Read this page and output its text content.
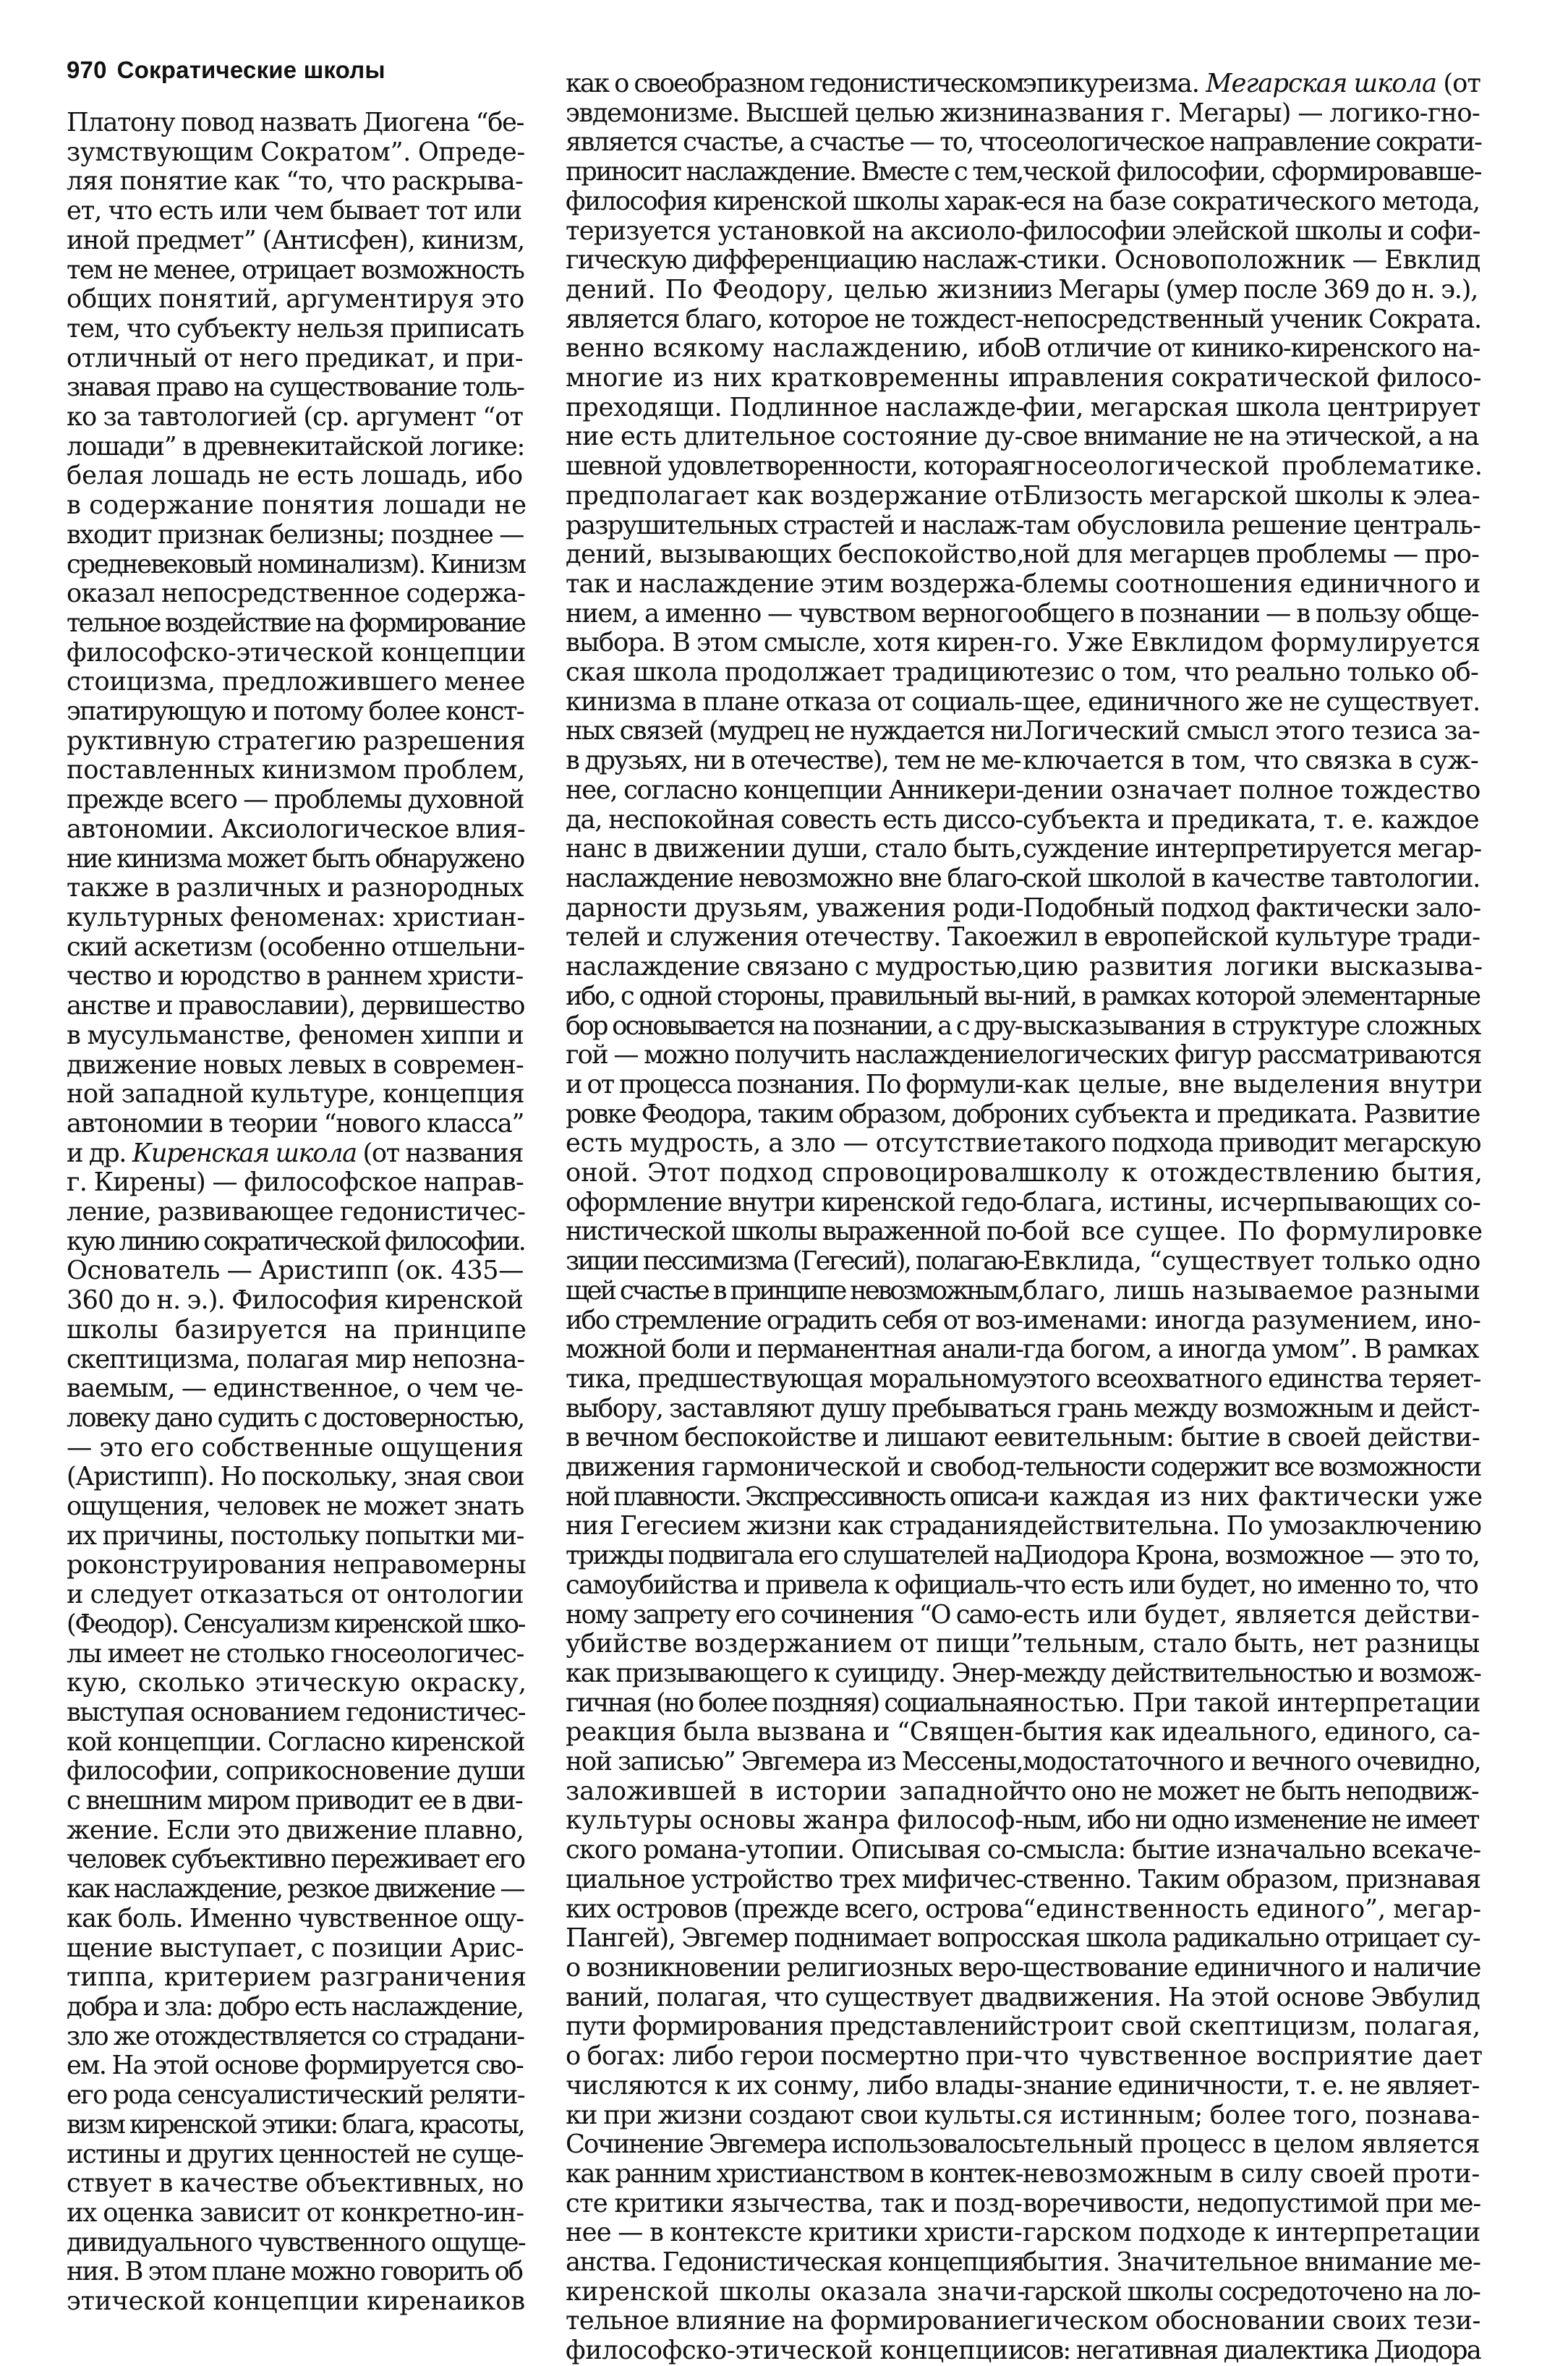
970 Сократические школы
Платону повод назвать Диогена “бе-
зумствующим Сократом”. Опреде-
ляя понятие как “то, что раскрыва-
ет, что есть или чем бывает тот или
иной предмет” (Антисфен), кинизм,
тем не менее, отрицает возможность
общих понятий, аргументируя это
тем, что субъекту нельзя приписать
отличный от него предикат, и при-
знавая право на существование толь-
ко за тавтологией (ср. аргумент “от
лошади” в древнекитайской логике:
белая лошадь не есть лошадь, ибо
в содержание понятия лошади не
входит признак белизны; позднее —
средневековый номинализм). Кинизм
оказал непосредственное содержа-
тельное воздействие на формирование
философско-этической концепции
стоицизма, предложившего менее
эпатирующую и потому более конст-
руктивную стратегию разрешения
поставленных кинизмом проблем,
прежде всего — проблемы духовной
автономии. Аксиологическое влия-
ние кинизма может быть обнаружено
также в различных и разнородных
культурных феноменах: христиан-
ский аскетизм (особенно отшельни-
чество и юродство в раннем христи-
анстве и православии), дервишество
в мусульманстве, феномен хиппи и
движение новых левых в современ-
ной западной культуре, концепция
автономии в теории “нового класса”
и др. Киренская школа (от названия
г. Кирены) — философское направ-
ление, развивающее гедонистичес-
кую линию сократической философии.
Основатель — Аристипп (ок. 435—
360 до н. э.). Философия киренской
школы базируется на принципе
скептицизма, полагая мир непозна-
ваемым, — единственное, о чем че-
ловеку дано судить с достоверностью,
— это его собственные ощущения
(Аристипп). Но поскольку, зная свои
ощущения, человек не может знать
их причины, постольку попытки ми-
роконструирования неправомерны
и следует отказаться от онтологии
(Феодор). Сенсуализм киренской шко-
лы имеет не столько гносеологичес-
кую, сколько этическую окраску,
выступая основанием гедонистичес-
кой концепции. Согласно киренской
философии, соприкосновение души
с внешним миром приводит ее в дви-
жение. Если это движение плавно,
человек субъективно переживает его
как наслаждение, резкое движение —
как боль. Именно чувственное ощу-
щение выступает, с позиции Арис-
типпа, критерием разграничения
добра и зла: добро есть наслаждение,
зло же отождествляется со страдани-
ем. На этой основе формируется сво-
его рода сенсуалистический реляти-
визм киренской этики: блага, красоты,
истины и других ценностей не суще-
ствует в качестве объективных, но
их оценка зависит от конкретно-ин-
дивидуального чувственного ощуще-
ния. В этом плане можно говорить об
этической концепции киренаиков
как о своеобразном гедонистическом
эвдемонизме. Высшей целью жизни
является счастье, а счастье — то, что
приносит наслаждение. Вместе с тем,
философия киренской школы харак-
теризуется установкой на аксиоло-
гическую дифференциацию наслаж-
дений. По Феодору, целью жизни
является благо, которое не тождест-
венно всякому наслаждению, ибо
многие из них кратковременны и
преходящи. Подлинное наслажде-
ние есть длительное состояние ду-
шевной удовлетворенности, которая
предполагает как воздержание от
разрушительных страстей и наслаж-
дений, вызывающих беспокойство,
так и наслаждение этим воздержа-
нием, а именно — чувством верного
выбора. В этом смысле, хотя кирен-
ская школа продолжает традицию
кинизма в плане отказа от социаль-
ных связей (мудрец не нуждается ни
в друзьях, ни в отечестве), тем не ме-
нее, согласно концепции Анникери-
да, неспокойная совесть есть диссо-
нанс в движении души, стало быть,
наслаждение невозможно вне благо-
дарности друзьям, уважения роди-
телей и служения отечеству. Такое
наслаждение связано с мудростью,
ибо, с одной стороны, правильный вы-
бор основывается на познании, а с дру-
гой — можно получить наслаждение
и от процесса познания. По формули-
ровке Феодора, таким образом, добро
есть мудрость, а зло — отсутствие
оной. Этот подход спровоцировал
оформление внутри киренской гедо-
нистической школы выраженной по-
зиции пессимизма (Гегесий), полагаю-
щей счастье в принципе невозможным,
ибо стремление оградить себя от воз-
можной боли и перманентная анали-
тика, предшествующая моральному
выбору, заставляют душу пребывать
в вечном беспокойстве и лишают ее
движения гармонической и свобод-
ной плавности. Экспрессивность описа-
ния Гегесием жизни как страдания
трижды подвигала его слушателей на
самоубийства и привела к официаль-
ному запрету его сочинения “О само-
убийстве воздержанием от пищи”
как призывающего к суициду. Энер-
гичная (но более поздняя) социальная
реакция была вызвана и “Священ-
ной записью” Эвгемера из Мессены,
заложившей в истории западной
культуры основы жанра философ-
ского романа-утопии. Описывая со-
циальное устройство трех мифичес-
ких островов (прежде всего, острова
Пангей), Эвгемер поднимает вопрос
о возникновении религиозных веро-
ваний, полагая, что существует два
пути формирования представлений
о богах: либо герои посмертно при-
числяются к их сонму, либо влады-
ки при жизни создают свои культы.
Сочинение Эвгемера использовалось
как ранним христианством в контек-
сте критики язычества, так и позд-
нее — в контексте критики христи-
анства. Гедонистическая концепция
киренской школы оказала значи-
тельное влияние на формирование
философско-этической концепции
эпикуреизма. Мегарская школа (от
названия г. Мегары) — логико-гно-
сеологическое направление сократи-
ческой философии, сформировавше-
еся на базе сократического метода,
философии элейской школы и софи-
стики. Основоположник — Евклид
из Мегары (умер после 369 до н. э.),
непосредственный ученик Сократа.
В отличие от кинико-киренского на-
правления сократической филосо-
фии, мегарская школа центрирует
свое внимание не на этической, а на
гносеологической проблематике.
Близость мегарской школы к элеа-
там обусловила решение централь-
ной для мегарцев проблемы — про-
блемы соотношения единичного и
общего в познании — в пользу обще-
го. Уже Евклидом формулируется
тезис о том, что реально только об-
щее, единичного же не существует.
Логический смысл этого тезиса за-
ключается в том, что связка в суж-
дении означает полное тождество
субъекта и предиката, т. е. каждое
суждение интерпретируется мегар-
ской школой в качестве тавтологии.
Подобный подход фактически зало-
жил в европейской культуре тради-
цию развития логики высказыва-
ний, в рамках которой элементарные
высказывания в структуре сложных
логических фигур рассматриваются
как целые, вне выделения внутри
них субъекта и предиката. Развитие
такого подхода приводит мегарскую
школу к отождествлению бытия,
блага, истины, исчерпывающих со-
бой все сущее. По формулировке
Евклида, “существует только одно
благо, лишь называемое разными
именами: иногда разумением, ино-
гда богом, а иногда умом”. В рамках
этого всеохватного единства теряет-
ся грань между возможным и дейст-
вительным: бытие в своей действи-
тельности содержит все возможности
и каждая из них фактически уже
действительна. По умозаключению
Диодора Крона, возможное — это то,
что есть или будет, но именно то, что
есть или будет, является действи-
тельным, стало быть, нет разницы
между действительностью и возмож-
ностью. При такой интерпретации
бытия как идеального, единого, са-
модостаточного и вечного очевидно,
что оно не может не быть неподвиж-
ным, ибо ни одно изменение не имеет
смысла: бытие изначально всекаче-
ственно. Таким образом, признавая
“единственность единого”, мегар-
ская школа радикально отрицает су-
ществование единичного и наличие
движения. На этой основе Эвбулид
строит свой скептицизм, полагая,
что чувственное восприятие дает
знание единичности, т. е. не являет-
ся истинным; более того, познава-
тельный процесс в целом является
невозможным в силу своей проти-
воречивости, недопустимой при ме-
гарском подходе к интерпретации
бытия. Значительное внимание ме-
гарской школы сосредоточено на ло-
гическом обосновании своих тези-
сов: негативная диалектика Диодора
